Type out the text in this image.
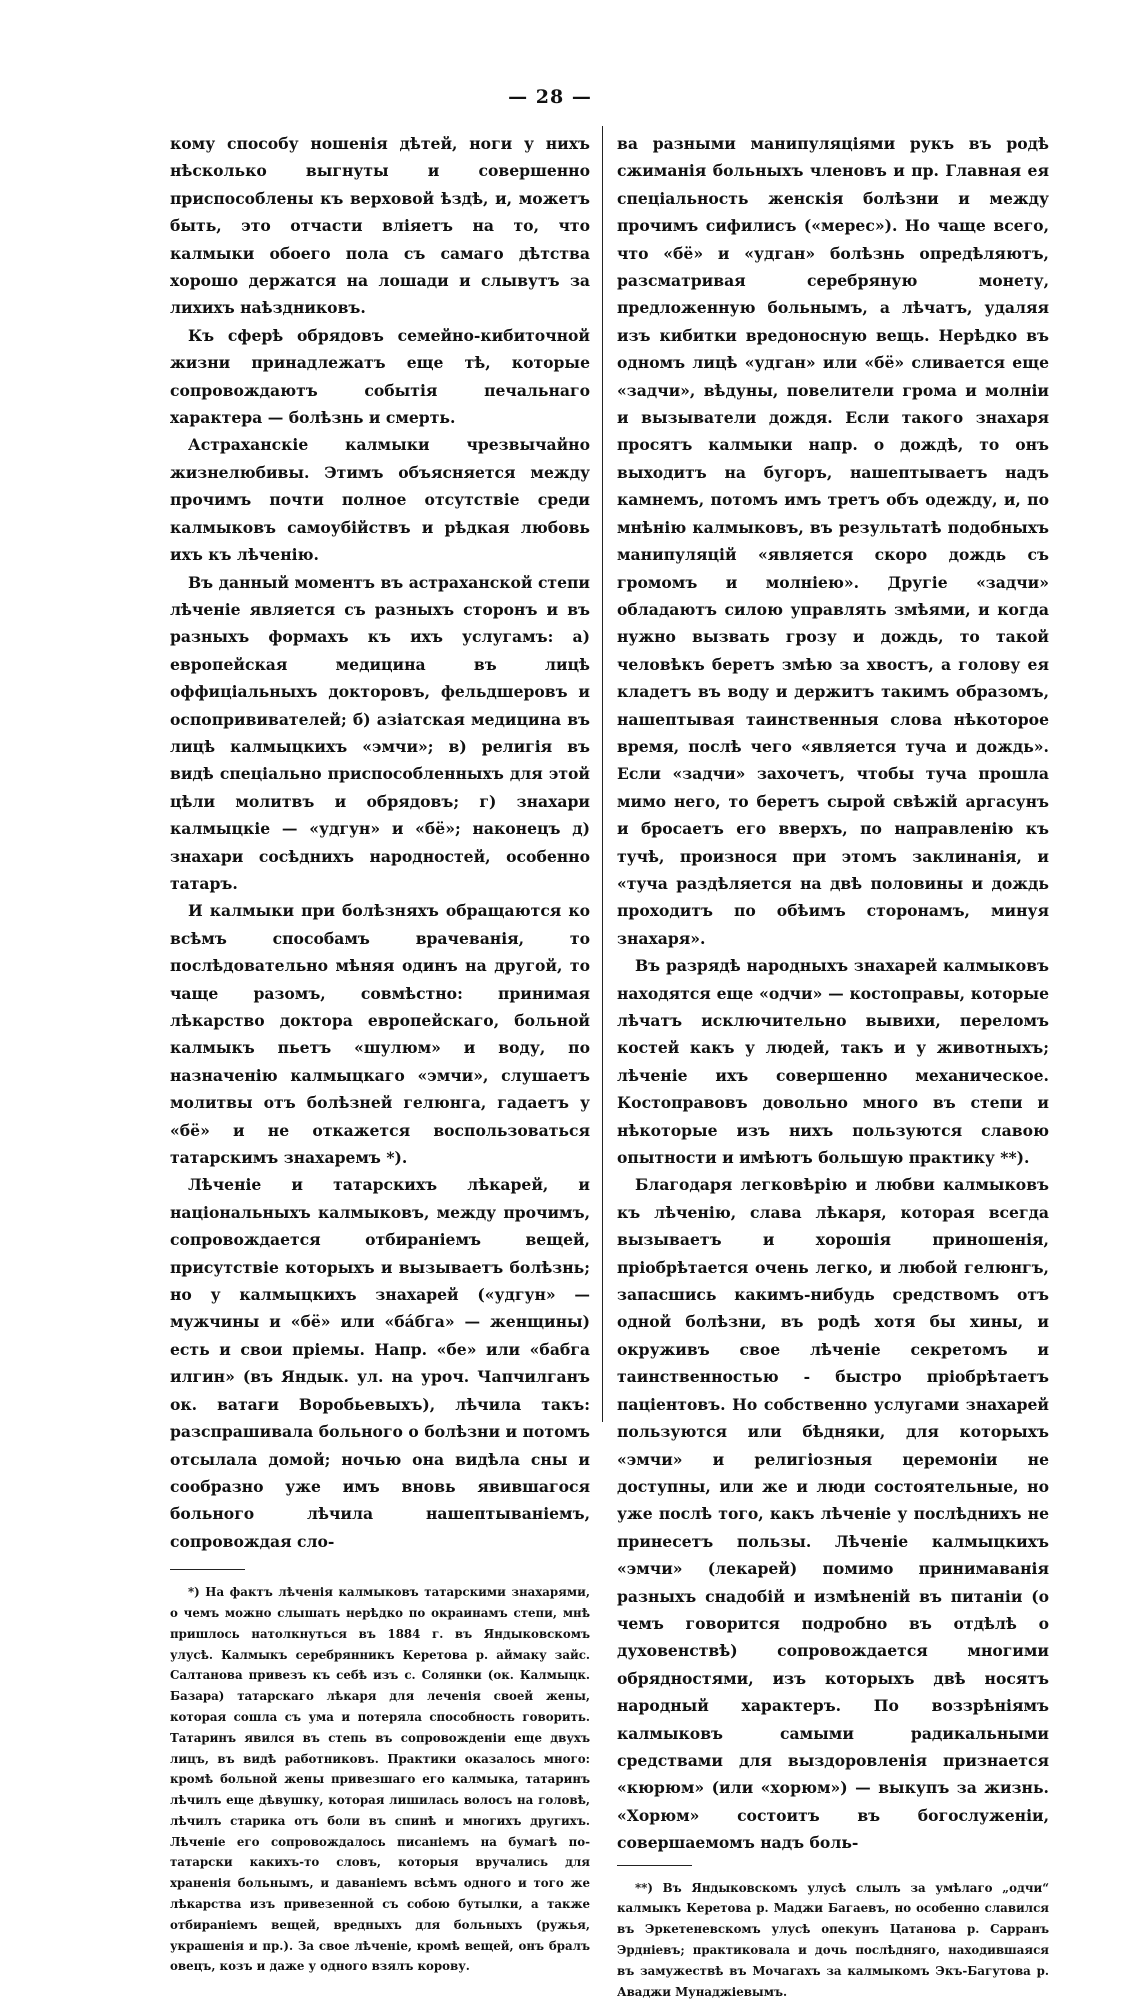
— 28 —

кому способу ношенія дѣтей, ноги у нихъ нѣсколько выгнуты и совершенно приспособлены къ верховой ѣздѣ, и, можетъ быть, это отчасти вліяетъ на то, что калмыки обоего пола съ самаго дѣтства хорошо держатся на лошади и слывутъ за лихихъ наѣздниковъ.

Къ сферѣ обрядовъ семейно-кибиточной жизни принадлежатъ еще тѣ, которые сопровождаютъ событія печальнаго характера — болѣзнь и смерть.

Астраханскіе калмыки чрезвычайно жизнелюбивы. Этимъ объясняется между прочимъ почти полное отсутствіе среди калмыковъ самоубійствъ и рѣдкая любовь ихъ къ лѣченію.

Въ данный моментъ въ астраханской степи лѣченіе является съ разныхъ сторонъ и въ разныхъ формахъ къ ихъ услугамъ: а) европейская медицина въ лицѣ оффиціальныхъ докторовъ, фельдшеровъ и оспопрививателей; б) азіатская медицина въ лицѣ калмыцкихъ «эмчи»; в) религія въ видѣ спеціально приспособленныхъ для этой цѣли молитвъ и обрядовъ; г) знахари калмыцкіе — «удгун» и «бё»; наконецъ д) знахари сосѣднихъ народностей, особенно татаръ.

И калмыки при болѣзняхъ обращаются ко всѣмъ способамъ врачеванія, то послѣдовательно мѣняя одинъ на другой, то чаще разомъ, совмѣстно: принимая лѣкарство доктора европейскаго, больной калмыкъ пьетъ «шулюм» и воду, по назначенію калмыцкаго «эмчи», слушаетъ молитвы отъ болѣзней гелюнга, гадаетъ у «бё» и не откажется воспользоваться татарскимъ знахаремъ *).

Лѣченіе и татарскихъ лѣкарей, и національныхъ калмыковъ, между прочимъ, сопровождается отбираніемъ вещей, присутствіе которыхъ и вызываетъ болѣзнь; но у калмыцкихъ знахарей («удгун» — мужчины и «бё» или «бáбга» — женщины) есть и свои пріемы. Напр. «бе» или «бабга илгин» (въ Яндык. ул. на уроч. Чапчилганъ ок. ватаги Воробьевыхъ), лѣчила такъ: разспрашивала больного о болѣзни и потомъ отсылала домой; ночью она видѣла сны и сообразно уже имъ вновь явившагося больного лѣчила нашептываніемъ, сопровождая сло-

*) На фактъ лѣченія калмыковъ татарскими знахарями, о чемъ можно слышать нерѣдко по окраинамъ степи, мнѣ пришлось натолкнуться въ 1884 г. въ Яндыковскомъ улусѣ. Калмыкъ серебрянникъ Керетова р. аймаку зайс. Салтанова привезъ къ себѣ изъ с. Солянки (ок. Калмыцк. Базара) татарскаго лѣкаря для леченія своей жены, которая сошла съ ума и потеряла способность говорить. Татаринъ явился въ степь въ сопровожденіи еще двухъ лицъ, въ видѣ работниковъ. Практики оказалось много: кромѣ больной жены привезшаго его калмыка, татаринъ лѣчилъ еще дѣвушку, которая лишилась волосъ на головѣ, лѣчилъ старика отъ боли въ спинѣ и многихъ другихъ. Лѣченіе его сопровождалось писаніемъ на бумагѣ по-татарски какихъ-то словъ, которыя вручались для храненія больнымъ, и даваніемъ всѣмъ одного и того же лѣкарства изъ привезенной съ собою бутылки, а также отбираніемъ вещей, вредныхъ для больныхъ (ружья, украшенія и пр.). За свое лѣченіе, кромѣ вещей, онъ бралъ овецъ, козъ и даже у одного взялъ корову.

ва разными манипуляціями рукъ въ родѣ сжиманія больныхъ членовъ и пр. Главная ея спеціальность женскія болѣзни и между прочимъ сифилисъ («мерес»). Но чаще всего, что «бё» и «удган» болѣзнь опредѣляютъ, разсматривая серебряную монету, предложенную больнымъ, а лѣчатъ, удаляя изъ кибитки вредоносную вещь. Нерѣдко въ одномъ лицѣ «удган» или «бё» сливается еще «задчи», вѣдуны, повелители грома и молніи и вызыватели дождя. Если такого знахаря просятъ калмыки напр. о дождѣ, то онъ выходитъ на бугоръ, нашептываетъ надъ камнемъ, потомъ имъ третъ объ одежду, и, по мнѣнію калмыковъ, въ результатѣ подобныхъ манипуляцій «является скоро дождь съ громомъ и молніею». Другіе «задчи» обладаютъ силою управлять змѣями, и когда нужно вызвать грозу и дождь, то такой человѣкъ беретъ змѣю за хвостъ, а голову ея кладетъ въ воду и держитъ такимъ образомъ, нашептывая таинственныя слова нѣкоторое время, послѣ чего «является туча и дождь». Если «задчи» захочетъ, чтобы туча прошла мимо него, то беретъ сырой свѣжій аргасунъ и бросаетъ его вверхъ, по направленію къ тучѣ, произнося при этомъ заклинанія, и «туча раздѣляется на двѣ половины и дождь проходитъ по обѣимъ сторонамъ, минуя знахаря».

Въ разрядѣ народныхъ знахарей калмыковъ находятся еще «одчи» — костоправы, которые лѣчатъ исключительно вывихи, переломъ костей какъ у людей, такъ и у животныхъ; лѣченіе ихъ совершенно механическое. Костоправовъ довольно много въ степи и нѣкоторые изъ нихъ пользуются славою опытности и имѣютъ большую практику **).

Благодаря легковѣрію и любви калмыковъ къ лѣченію, слава лѣкаря, которая всегда вызываетъ и хорошія приношенія, пріобрѣтается очень легко, и любой гелюнгъ, запасшись какимъ-нибудь средствомъ отъ одной болѣзни, въ родѣ хотя бы хины, и окруживъ свое лѣченіе секретомъ и таинственностью - быстро пріобрѣтаетъ паціентовъ. Но собственно услугами знахарей пользуются или бѣдняки, для которыхъ «эмчи» и религіозныя церемоніи не доступны, или же и люди состоятельные, но уже послѣ того, какъ лѣченіе у послѣднихъ не принесетъ пользы. Лѣченіе калмыцкихъ «эмчи» (лекарей) помимо принимаванія разныхъ снадобій и измѣненій въ питаніи (о чемъ говорится подробно въ отдѣлѣ о духовенствѣ) сопровождается многими обрядностями, изъ которыхъ двѣ носятъ народный характеръ. По воззрѣніямъ калмыковъ самыми радикальными средствами для выздоровленія признается «кюрюм» (или «хорюм») — выкупъ за жизнь. «Хорюм» состоитъ въ богослуженіи, совершаемомъ надъ боль-

**) Въ Яндыковскомъ улусѣ слылъ за умѣлаго „одчи“ калмыкъ Керетова р. Маджи Багаевъ, но особенно славился въ Эркетеневскомъ улусѣ опекунъ Цатанова р. Сарранъ Эрдніевъ; практиковала и дочь послѣдняго, находившаяся въ замужествѣ въ Мочагахъ за калмыкомъ Экъ-Багутова р. Аваджи Мунаджіевымъ.
